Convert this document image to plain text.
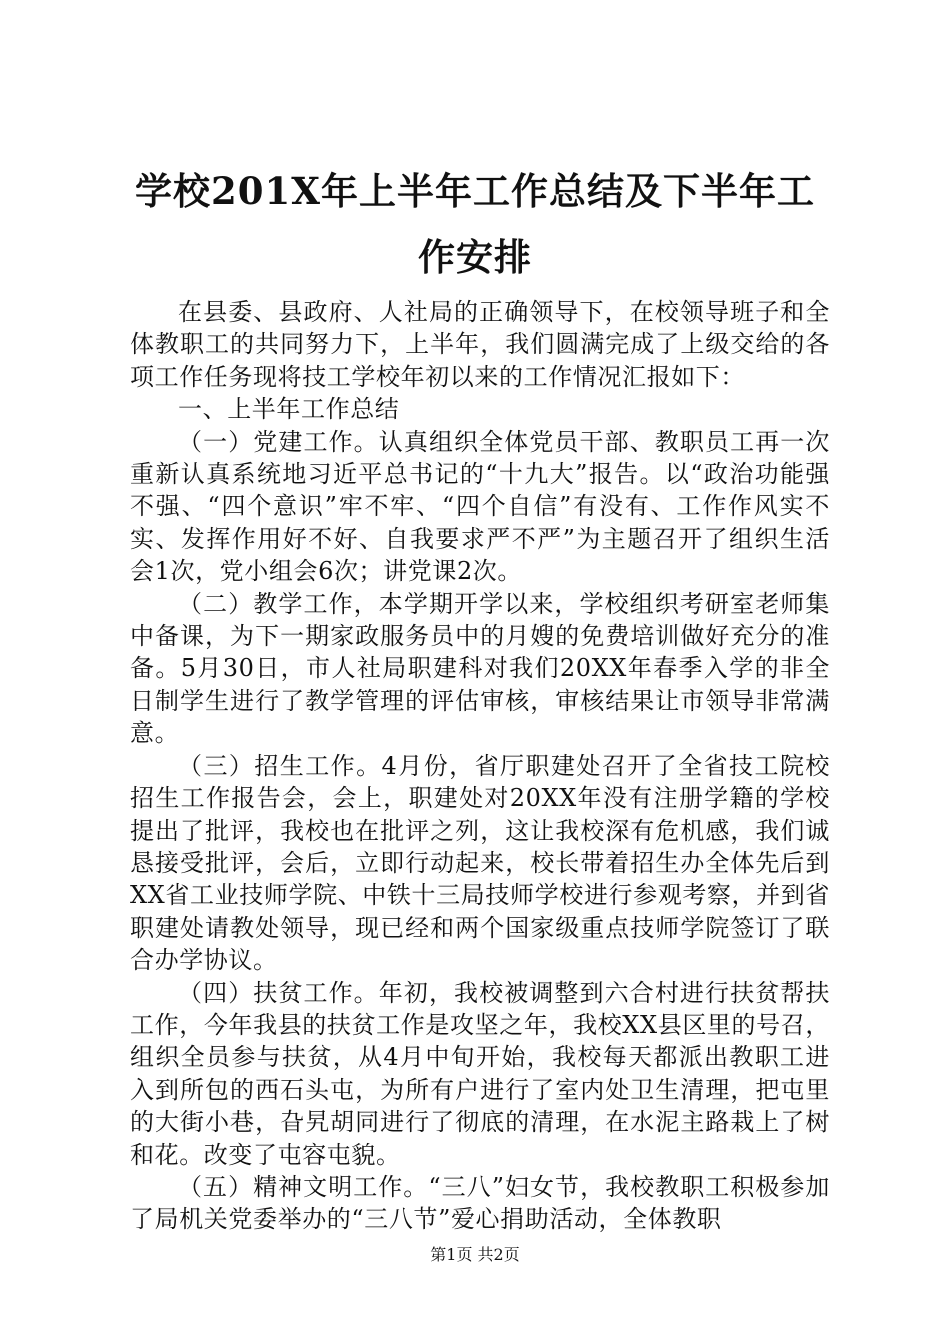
学校201X年上半年工作总结及下半年工作安排

在县委、县政府、人社局的正确领导下，在校领导班子和全体教职工的共同努力下，上半年，我们圆满完成了上级交给的各项工作任务现将技工学校年初以来的工作情况汇报如下：

一、上半年工作总结

（一）党建工作。认真组织全体党员干部、教职员工再一次重新认真系统地习近平总书记的“十九大”报告。以“政治功能强不强、“四个意识”牢不牢、“四个自信”有没有、工作作风实不实、发挥作用好不好、自我要求严不严”为主题召开了组织生活会1次，党小组会6次；讲党课2次。

（二）教学工作，本学期开学以来，学校组织考研室老师集中备课，为下一期家政服务员中的月嫂的免费培训做好充分的准备。5月30日，市人社局职建科对我们20XX年春季入学的非全日制学生进行了教学管理的评估审核，审核结果让市领导非常满意。

（三）招生工作。4月份，省厅职建处召开了全省技工院校招生工作报告会，会上，职建处对20XX年没有注册学籍的学校提出了批评，我校也在批评之列，这让我校深有危机感，我们诚恳接受批评，会后，立即行动起来，校长带着招生办全体先后到XX省工业技师学院、中铁十三局技师学校进行参观考察，并到省职建处请教处领导，现已经和两个国家级重点技师学院签订了联合办学协议。

（四）扶贫工作。年初，我校被调整到六合村进行扶贫帮扶工作，今年我县的扶贫工作是攻坚之年，我校XX县区里的号召，组织全员参与扶贫，从4月中旬开始，我校每天都派出教职工进入到所包的西石头屯，为所有户进行了室内处卫生清理，把屯里的大街小巷，旮旯胡同进行了彻底的清理，在水泥主路栽上了树和花。改变了屯容屯貌。

（五）精神文明工作。“三八”妇女节，我校教职工积极参加了局机关党委举办的“三八节”爱心捐助活动，全体教职

第1页 共2页
